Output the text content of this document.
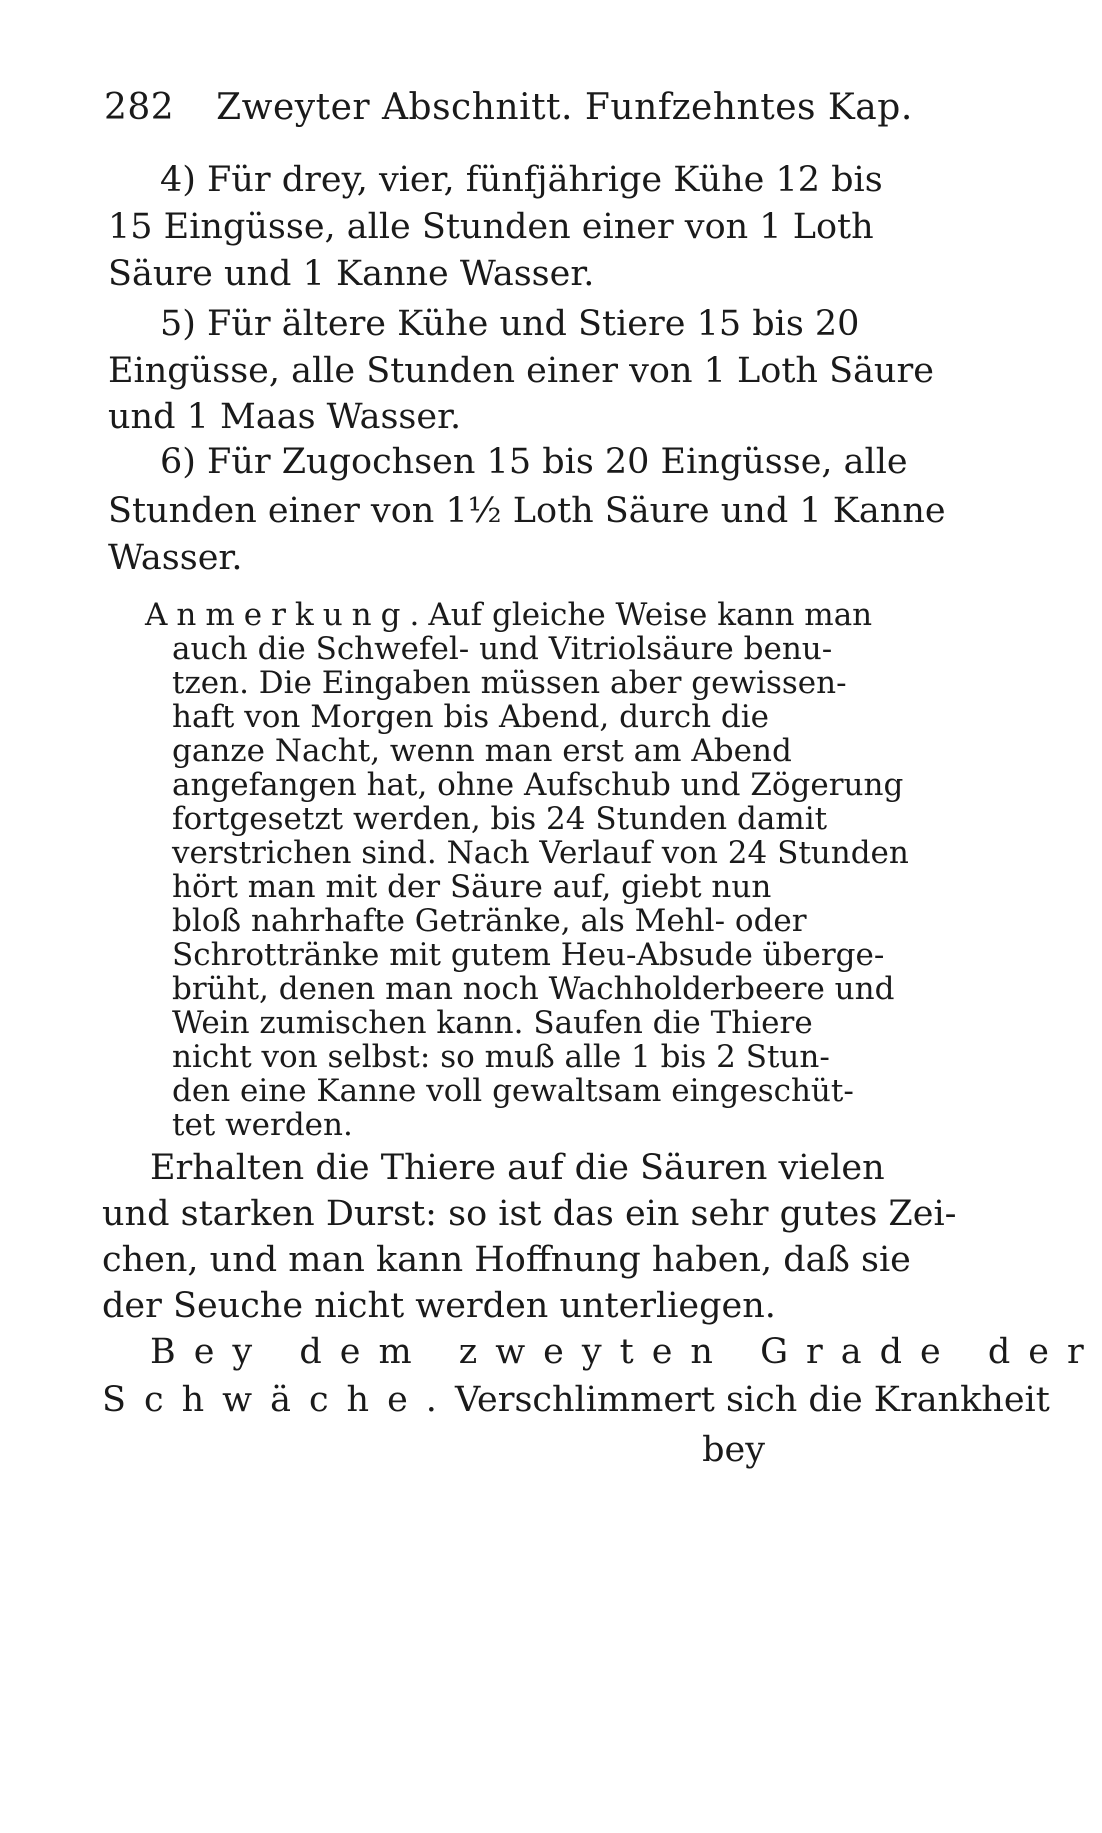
282 Zweyter Abschnitt. Funfzehntes Kap.

4) Für drey, vier, fünfjährige Kühe 12 bis

15 Eingüsse, alle Stunden einer von 1 Loth

Säure und 1 Kanne Wasser.

5) Für ältere Kühe und Stiere 15 bis 20

Eingüsse, alle Stunden einer von 1 Loth Säure

und 1 Maas Wasser.

6) Für Zugochsen 15 bis 20 Eingüsse, alle

Stunden einer von 1½ Loth Säure und 1 Kanne

Wasser.

Anmerkung. Auf gleiche Weise kann man

auch die Schwefel- und Vitriolsäure benu-

tzen. Die Eingaben müssen aber gewissen-

haft von Morgen bis Abend, durch die

ganze Nacht, wenn man erst am Abend

angefangen hat, ohne Aufschub und Zögerung

fortgesetzt werden, bis 24 Stunden damit

verstrichen sind. Nach Verlauf von 24 Stunden

hört man mit der Säure auf, giebt nun

bloß nahrhafte Getränke, als Mehl- oder

Schrottränke mit gutem Heu-Absude überge-

brüht, denen man noch Wachholderbeere und

Wein zumischen kann. Saufen die Thiere

nicht von selbst: so muß alle 1 bis 2 Stun-

den eine Kanne voll gewaltsam eingeschüt-

tet werden.

Erhalten die Thiere auf die Säuren vielen

und starken Durst: so ist das ein sehr gutes Zei-

chen, und man kann Hoffnung haben, daß sie

der Seuche nicht werden unterliegen.

Bey dem zweyten Grade der

Schwäche. Verschlimmert sich die Krankheit

bey
